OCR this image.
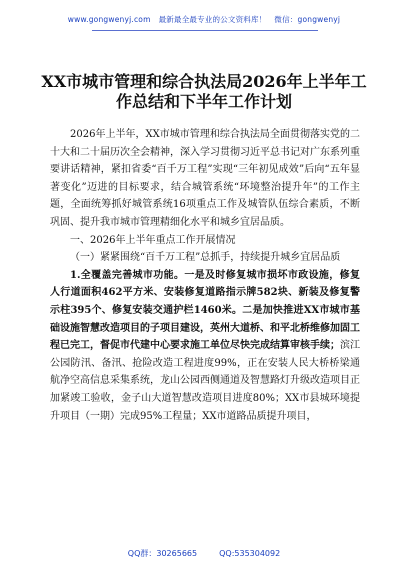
www.gongwenyj.com 最新最全最专业的公文资料库！ 微信：gongwenyj
XX市城市管理和综合执法局2026年上半年工作总结和下半年工作计划

2026年上半年，XX市城市管理和综合执法局全面贯彻落实党的二十大和二十届历次全会精神，深入学习贯彻习近平总书记对广东系列重要讲话精神，紧扣省委“百千万工程”实现“三年初见成效”后向“五年显著变化”迈进的目标要求，结合城管系统“环境整治提升年”的工作主题，全面统筹抓好城管系统16项重点工作及城管队伍综合素质，不断巩固、提升我市城市管理精细化水平和城乡宜居品质。

一、2026年上半年重点工作开展情况

（一）紧紧围绕“百千万工程”总抓手，持续提升城乡宜居品质

1.全覆盖完善城市功能。一是及时修复城市损坏市政设施，修复人行道面积462平方米、安装修复道路指示牌582块、新装及修复警示柱395个、修复安装交通护栏1460米。二是加快推进XX市城市基础设施智慧改造项目的子项目建设，英州大道桥、和平北桥维修加固工程已完工，督促市代建中心要求施工单位尽快完成结算审核手续；滨江公园防汛、备汛、抢险改造工程进度99%，正在安装人民大桥桥梁通航净空高信息采集系统，龙山公园西侧通道及智慧路灯升级改造项目正加紧竣工验收，金子山大道智慧改造项目进度80%；XX市县城环境提升项目（一期）完成95%工程量；XX市道路品质提升项目，

QQ群：30265665	QQ:535304092
